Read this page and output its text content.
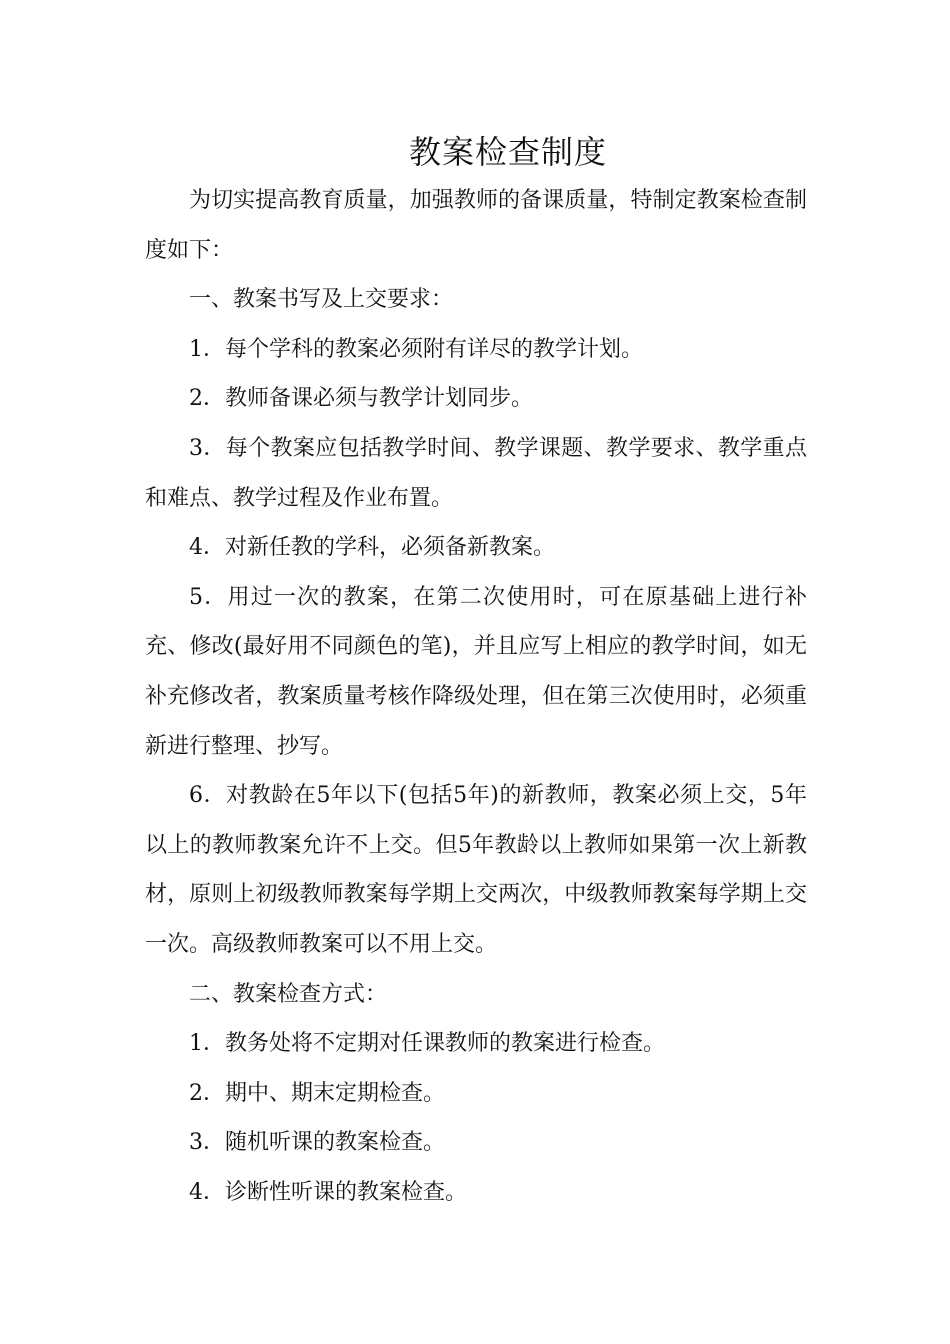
教案检查制度

为切实提高教育质量，加强教师的备课质量，特制定教案检查制度如下：

一、教案书写及上交要求：

1．每个学科的教案必须附有详尽的教学计划。

2．教师备课必须与教学计划同步。

3．每个教案应包括教学时间、教学课题、教学要求、教学重点和难点、教学过程及作业布置。

4．对新任教的学科，必须备新教案。

5．用过一次的教案，在第二次使用时，可在原基础上进行补充、修改(最好用不同颜色的笔)，并且应写上相应的教学时间，如无补充修改者，教案质量考核作降级处理，但在第三次使用时，必须重新进行整理、抄写。

6．对教龄在5年以下(包括5年)的新教师，教案必须上交，5年以上的教师教案允许不上交。但5年教龄以上教师如果第一次上新教材，原则上初级教师教案每学期上交两次，中级教师教案每学期上交一次。高级教师教案可以不用上交。

二、教案检查方式：

1．教务处将不定期对任课教师的教案进行检查。

2．期中、期末定期检查。

3．随机听课的教案检查。

4．诊断性听课的教案检查。
